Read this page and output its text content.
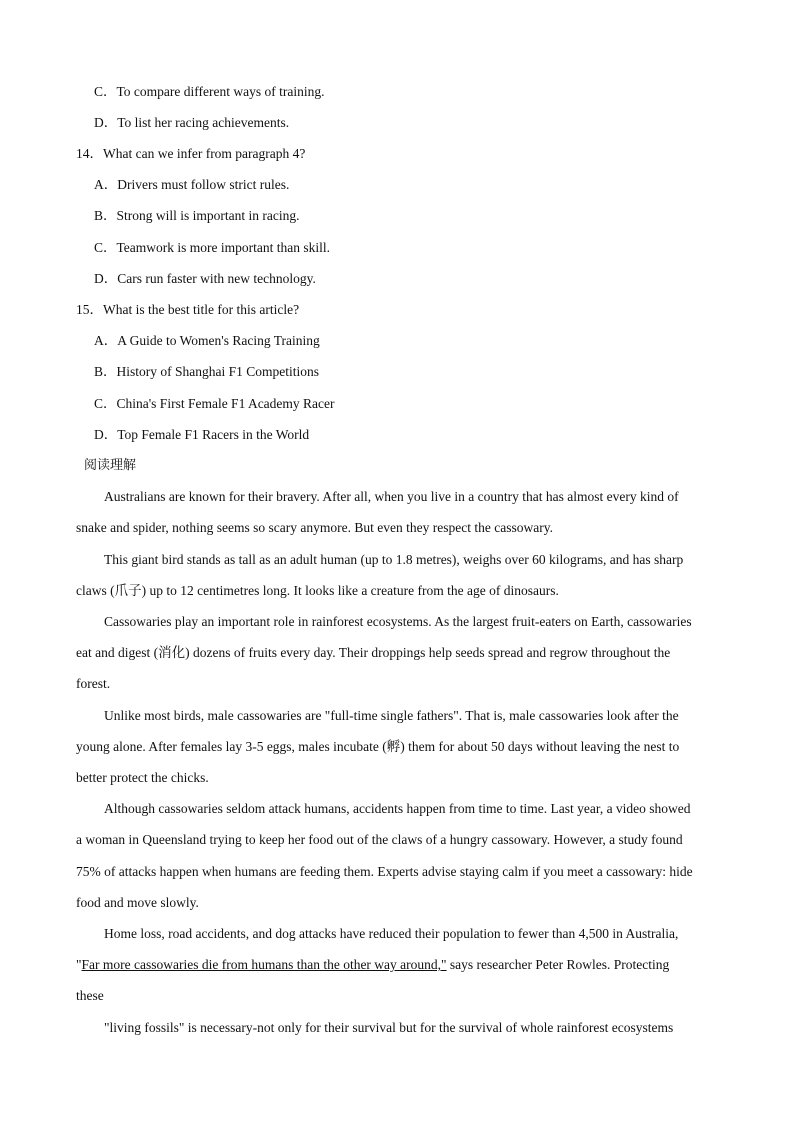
C．To compare different ways of training.
D．To list her racing achievements.
14．What can we infer from paragraph 4?
A．Drivers must follow strict rules.
B．Strong will is important in racing.
C．Teamwork is more important than skill.
D．Cars run faster with new technology.
15．What is the best title for this article?
A．A Guide to Women's Racing Training
B．History of Shanghai F1 Competitions
C．China's First Female F1 Academy Racer
D．Top Female F1 Racers in the World
阅读理解
Australians are known for their bravery. After all, when you live in a country that has almost every kind of
snake and spider, nothing seems so scary anymore. But even they respect the cassowary.
This giant bird stands as tall as an adult human (up to 1.8 metres), weighs over 60 kilograms, and has sharp
claws (爪子) up to 12 centimetres long. It looks like a creature from the age of dinosaurs.
Cassowaries play an important role in rainforest ecosystems. As the largest fruit-eaters on Earth, cassowaries
eat and digest (消化) dozens of fruits every day. Their droppings help seeds spread and regrow throughout the
forest.
Unlike most birds, male cassowaries are "full-time single fathers". That is, male cassowaries look after the
young alone. After females lay 3-5 eggs, males incubate (孵) them for about 50 days without leaving the nest to
better protect the chicks.
Although cassowaries seldom attack humans, accidents happen from time to time. Last year, a video showed
a woman in Queensland trying to keep her food out of the claws of a hungry cassowary. However, a study found
75% of attacks happen when humans are feeding them. Experts advise staying calm if you meet a cassowary: hide
food and move slowly.
Home loss, road accidents, and dog attacks have reduced their population to fewer than 4,500 in Australia,
"Far more cassowaries die from humans than the other way around," says researcher Peter Rowles. Protecting
these
"living fossils" is necessary-not only for their survival but for the survival of whole rainforest ecosystems
